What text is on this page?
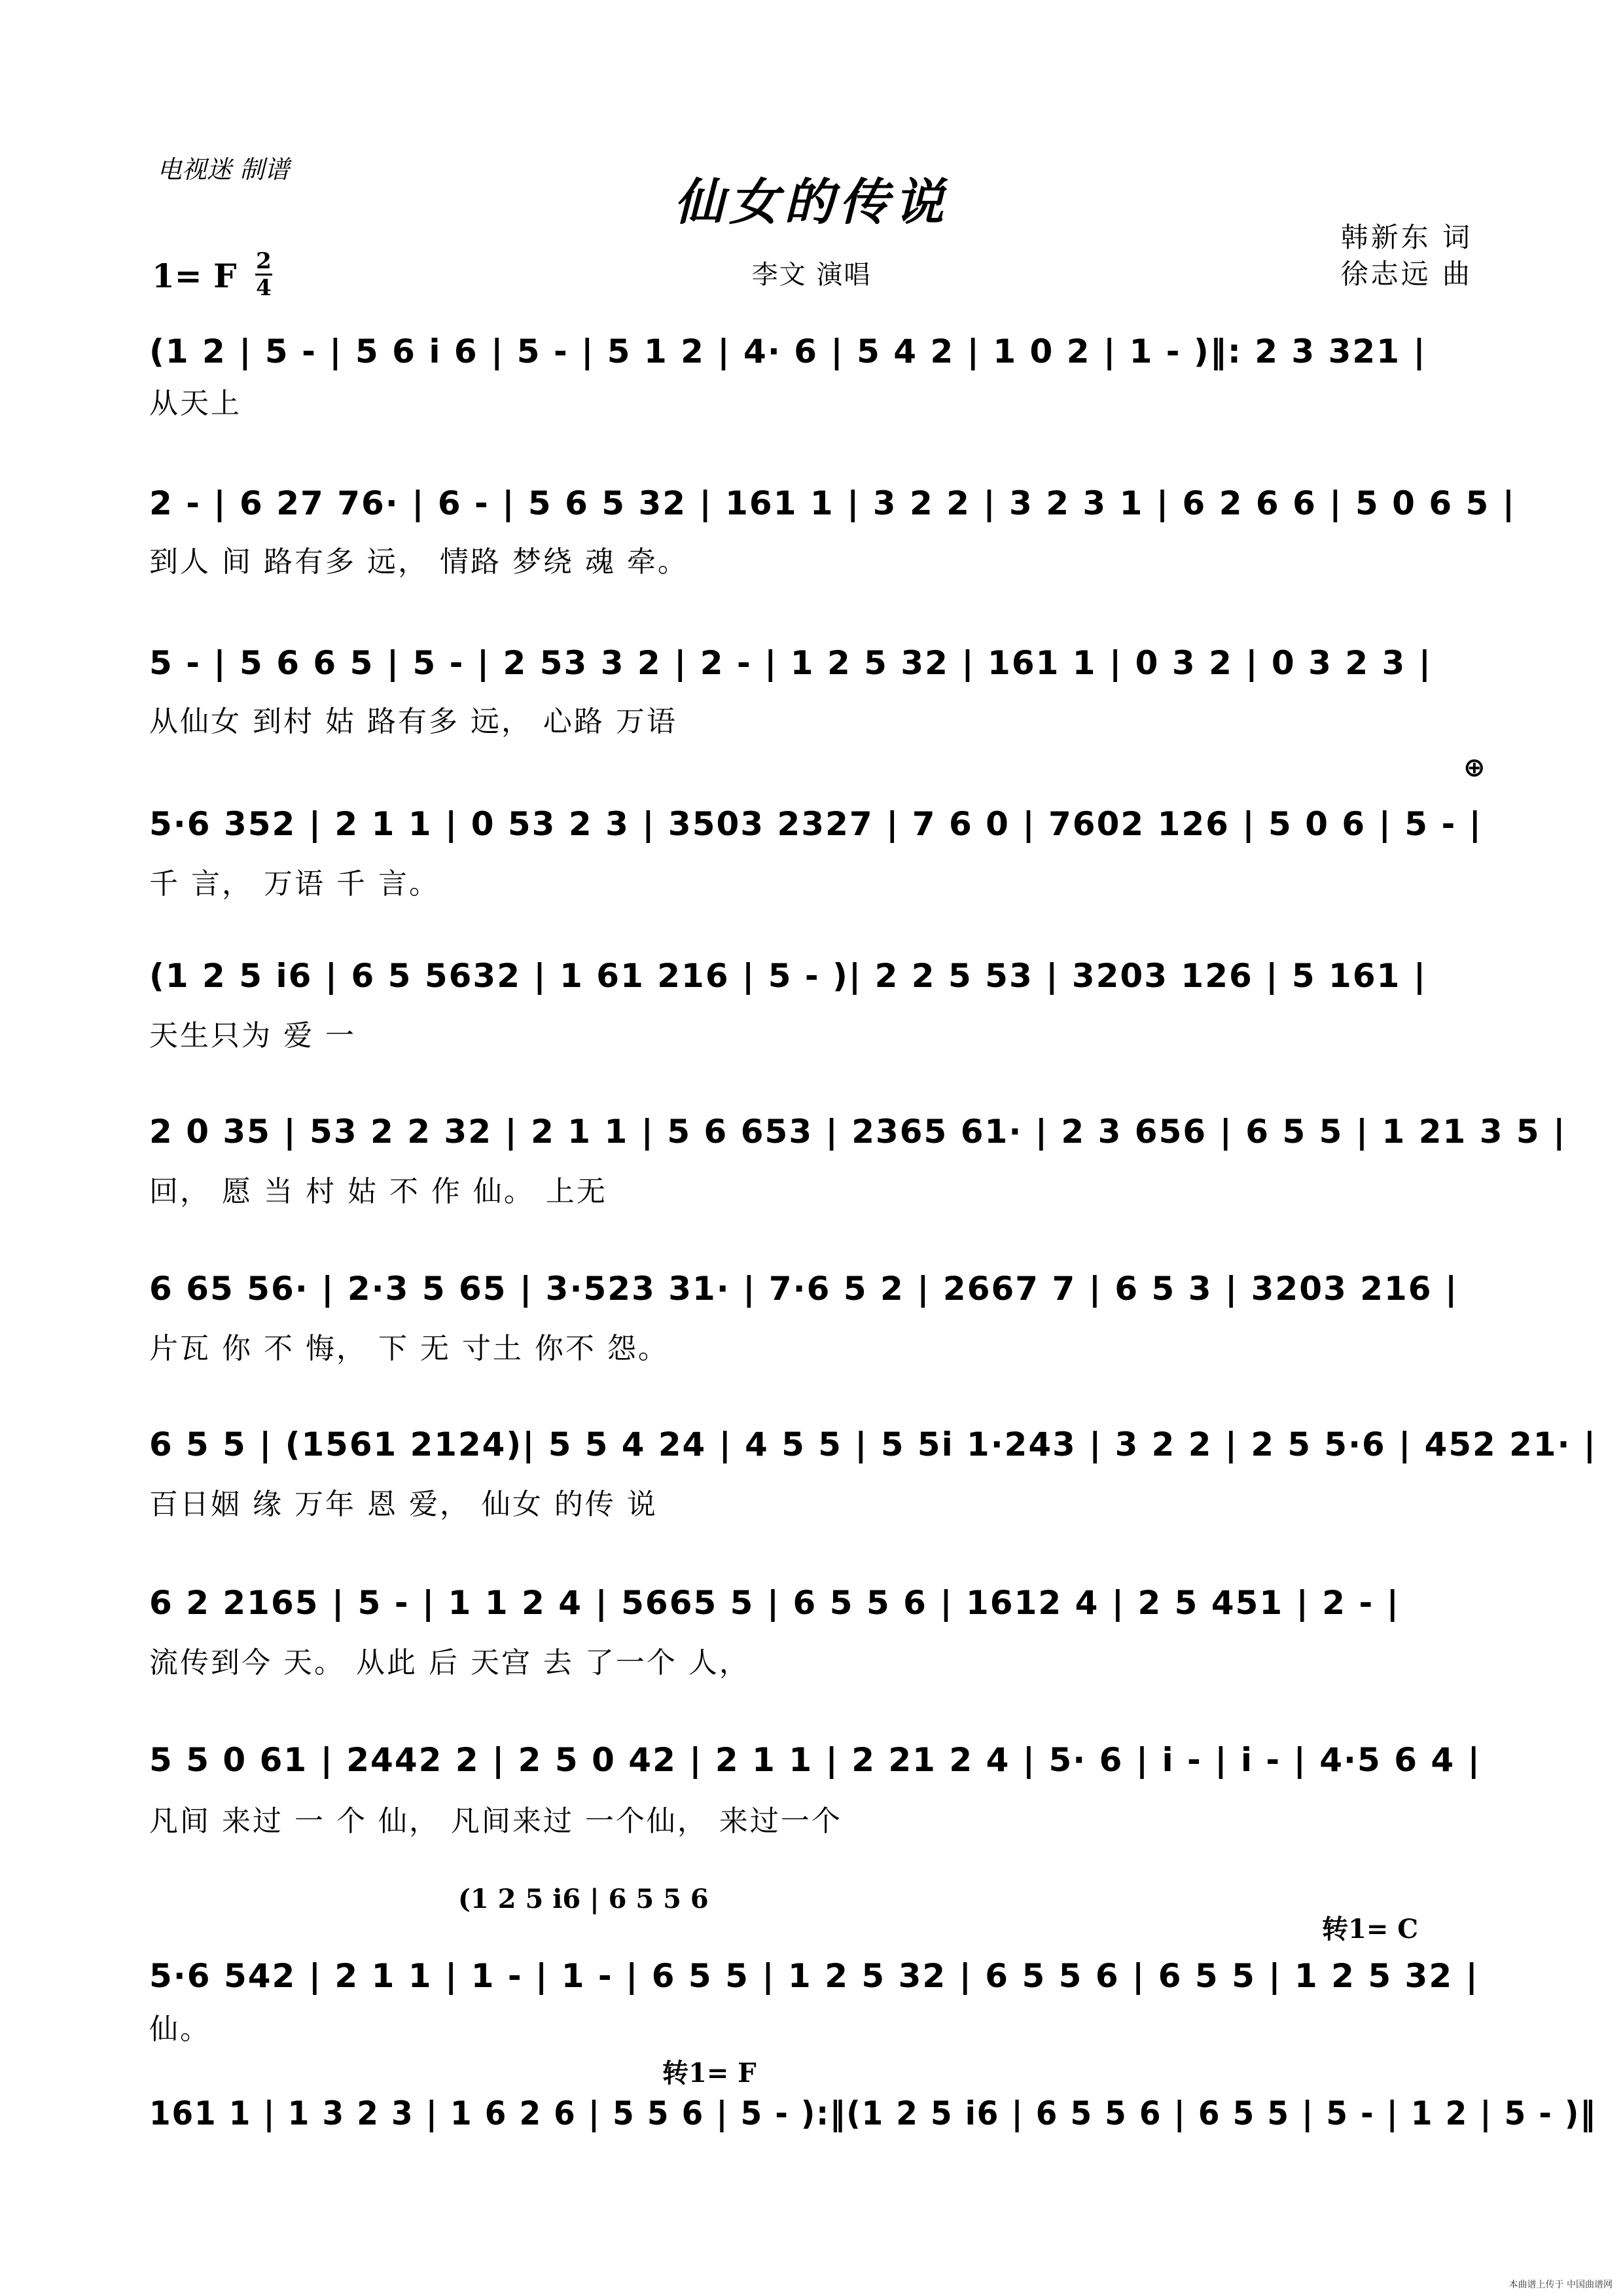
电视迷 制谱
仙女的传说
韩新东 词
徐志远 曲
李文 演唱
1= F 2
4
(1 2 | 5 - | 5 6 i 6 | 5 - | 5 1 2 | 4· 6 | 5 4 2 | 1 0 2 | 1 - )‖: 2 3 321 |
从天上
2 - | 6 27 76· | 6 - | 5 6 5 32 | 161 1 | 3 2 2 | 3 2 3 1 | 6 2 6 6 | 5 0 6 5 |
到人 间 路有多 远， 情路 梦绕 魂 牵。
5 - | 5 6 6 5 | 5 - | 2 53 3 2 | 2 - | 1 2 5 32 | 161 1 | 0 3 2 | 0 3 2 3 |
从仙女 到村 姑 路有多 远， 心路 万语
⊕
5·6 352 | 2 1 1 | 0 53 2 3 | 3503 2327 | 7 6 0 | 7602 126 | 5 0 6 | 5 - |
千 言， 万语 千 言。
(1 2 5 i6 | 6 5 5632 | 1 61 216 | 5 - )| 2 2 5 53 | 3203 126 | 5 161 |
天生只为 爱 一
2 0 35 | 53 2 2 32 | 2 1 1 | 5 6 653 | 2365 61· | 2 3 656 | 6 5 5 | 1 21 3 5 |
回， 愿 当 村 姑 不 作 仙。 上无
6 65 56· | 2·3 5 65 | 3·523 31· | 7·6 5 2 | 2667 7 | 6 5 3 | 3203 216 |
片瓦 你 不 悔， 下 无 寸土 你不 怨。
6 5 5 | (1561 2124)| 5 5 4 24 | 4 5 5 | 5 5i 1·243 | 3 2 2 | 2 5 5·6 | 452 21· |
百日姻 缘 万年 恩 爱， 仙女 的传 说
6 2 2165 | 5 - | 1 1 2 4 | 5665 5 | 6 5 5 6 | 1612 4 | 2 5 451 | 2 - |
流传到今 天。 从此 后 天宫 去 了一个 人，
5 5 0 61 | 2442 2 | 2 5 0 42 | 2 1 1 | 2 21 2 4 | 5· 6 | i - | i - | 4·5 6 4 |
凡间 来过 一 个 仙， 凡间来过 一个仙， 来过一个
(1 2 5 i6 | 6 5 5 6
转1= C
5·6 542 | 2 1 1 | 1 - | 1 - | 6 5 5 | 1 2 5 32 | 6 5 5 6 | 6 5 5 | 1 2 5 32 |
仙。
转1= F
161 1 | 1 3 2 3 | 1 6 2 6 | 5 5 6 | 5 - ):‖(1 2 5 i6 | 6 5 5 6 | 6 5 5 | 5 - | 1 2 | 5 - )‖
本曲谱上传于 中国曲谱网
